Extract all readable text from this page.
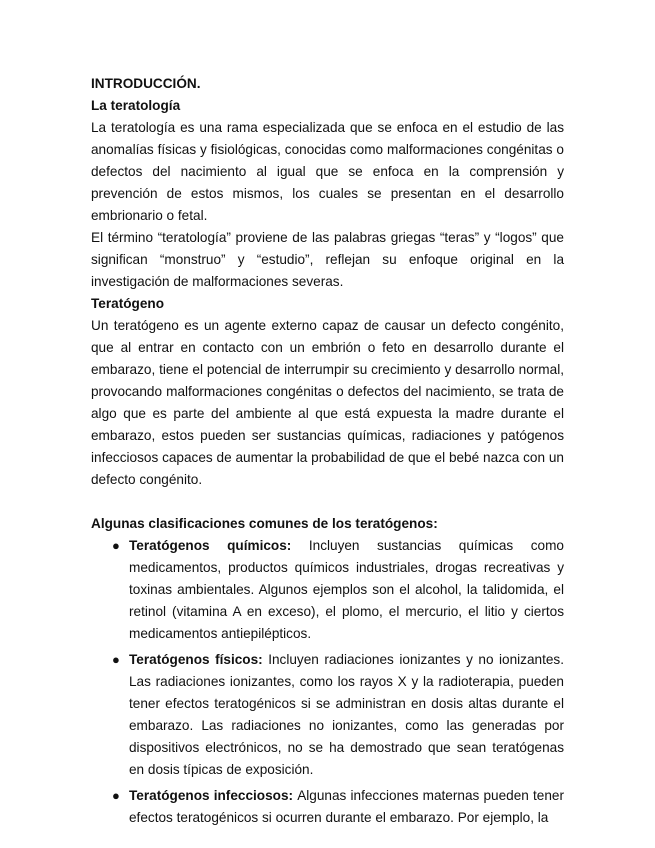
INTRODUCCIÓN.

La teratología

La teratología es una rama especializada que se enfoca en el estudio de las anomalías físicas y fisiológicas, conocidas como malformaciones congénitas o defectos del nacimiento al igual que se enfoca en la comprensión y prevención de estos mismos, los cuales se presentan en el desarrollo embrionario o fetal.

El término “teratología” proviene de las palabras griegas “teras” y “logos” que significan “monstruo” y “estudio”, reflejan su enfoque original en la investigación de malformaciones severas.

Teratógeno

Un teratógeno es un agente externo capaz de causar un defecto congénito, que al entrar en contacto con un embrión o feto en desarrollo durante el embarazo, tiene el potencial de interrumpir su crecimiento y desarrollo normal, provocando malformaciones congénitas o defectos del nacimiento, se trata de algo que es parte del ambiente al que está expuesta la madre durante el embarazo, estos pueden ser sustancias químicas, radiaciones y patógenos infecciosos capaces de aumentar la probabilidad de que el bebé nazca con un defecto congénito.

Algunas clasificaciones comunes de los teratógenos:

● Teratógenos químicos: Incluyen sustancias químicas como medicamentos, productos químicos industriales, drogas recreativas y toxinas ambientales. Algunos ejemplos son el alcohol, la talidomida, el retinol (vitamina A en exceso), el plomo, el mercurio, el litio y ciertos medicamentos antiepilépticos.
● Teratógenos físicos: Incluyen radiaciones ionizantes y no ionizantes. Las radiaciones ionizantes, como los rayos X y la radioterapia, pueden tener efectos teratogénicos si se administran en dosis altas durante el embarazo. Las radiaciones no ionizantes, como las generadas por dispositivos electrónicos, no se ha demostrado que sean teratógenas en dosis típicas de exposición.
● Teratógenos infecciosos: Algunas infecciones maternas pueden tener efectos teratogénicos si ocurren durante el embarazo. Por ejemplo, la
